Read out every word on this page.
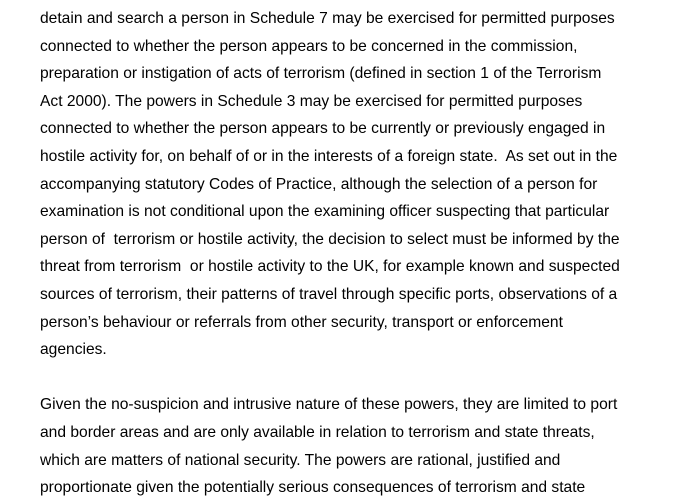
detain and search a person in Schedule 7 may be exercised for permitted purposes
connected to whether the person appears to be concerned in the commission,
preparation or instigation of acts of terrorism (defined in section 1 of the Terrorism
Act 2000). The powers in Schedule 3 may be exercised for permitted purposes
connected to whether the person appears to be currently or previously engaged in
hostile activity for, on behalf of or in the interests of a foreign state.  As set out in the
accompanying statutory Codes of Practice, although the selection of a person for
examination is not conditional upon the examining officer suspecting that particular
person of  terrorism or hostile activity, the decision to select must be informed by the
threat from terrorism  or hostile activity to the UK, for example known and suspected
sources of terrorism, their patterns of travel through specific ports, observations of a
person’s behaviour or referrals from other security, transport or enforcement
agencies.

Given the no-suspicion and intrusive nature of these powers, they are limited to port
and border areas and are only available in relation to terrorism and state threats,
which are matters of national security. The powers are rational, justified and
proportionate given the potentially serious consequences of terrorism and state
